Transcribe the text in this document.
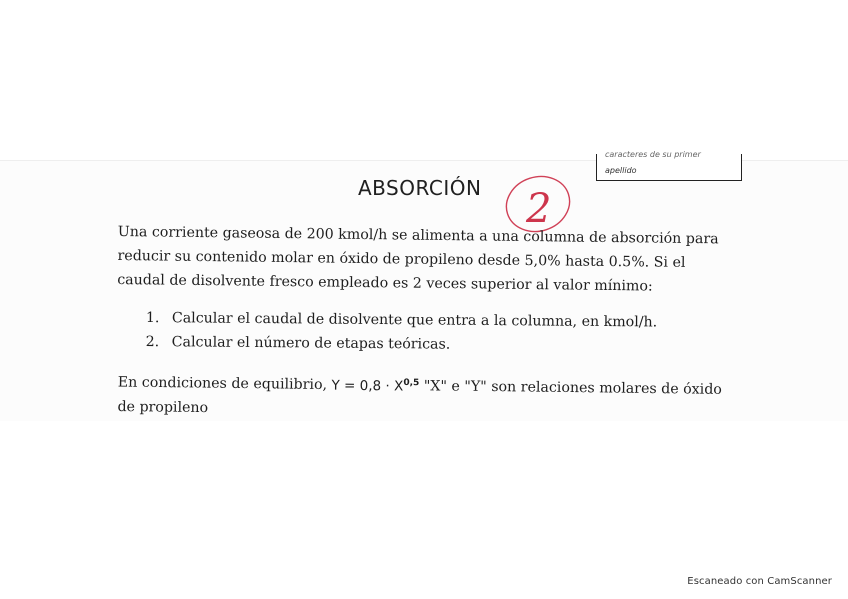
caracteres de su primer
apellido
ABSORCIÓN 2

Una corriente gaseosa de 200 kmol/h se alimenta a una columna de absorción para reducir su contenido molar en óxido de propileno desde 5,0% hasta 0.5%. Si el caudal de disolvente fresco empleado es 2 veces superior al valor mínimo:

1. Calcular el caudal de disolvente que entra a la columna, en kmol/h.
2. Calcular el número de etapas teóricas.

En condiciones de equilibrio, Y = 0,8 · X$^{0,5}$ "X" e "Y" son relaciones molares de óxido de propileno

Escaneado con CamScanner
